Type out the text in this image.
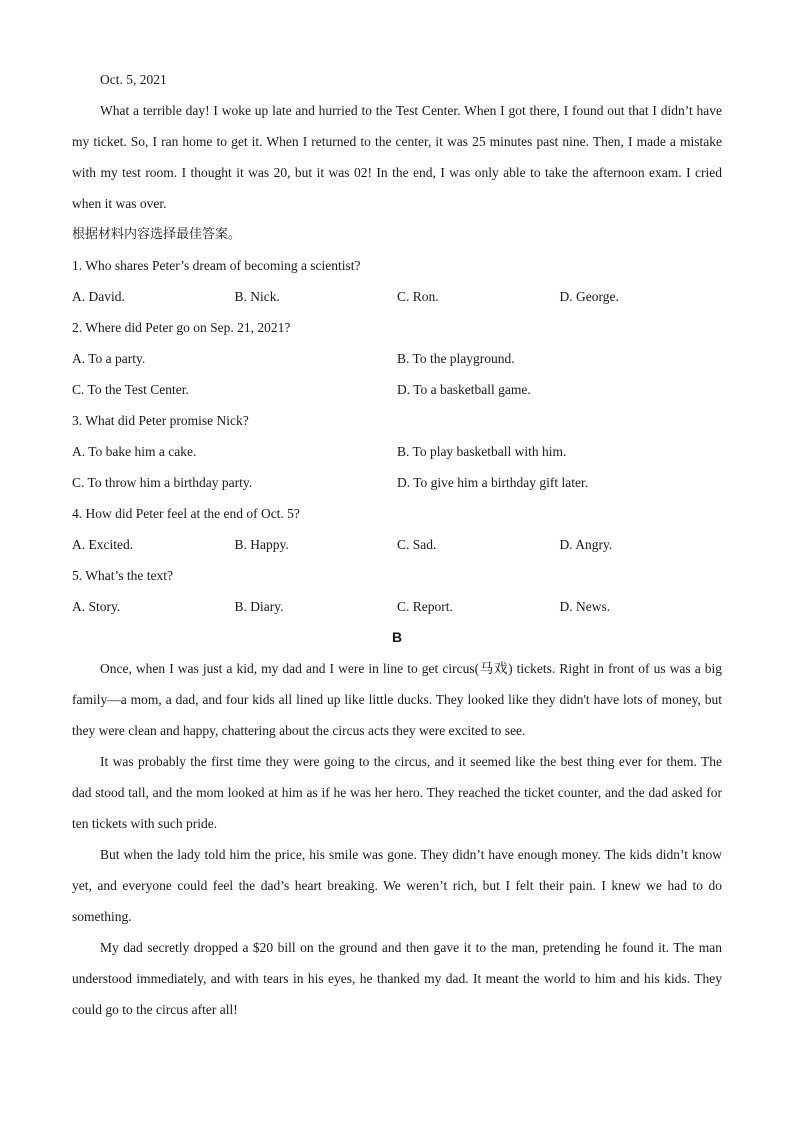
Oct. 5, 2021

What a terrible day! I woke up late and hurried to the Test Center. When I got there, I found out that I didn’t have my ticket. So, I ran home to get it. When I returned to the center, it was 25 minutes past nine. Then, I made a mistake with my test room. I thought it was 20, but it was 02! In the end, I was only able to take the afternoon exam. I cried when it was over.

根据材料内容选择最佳答案。

1. Who shares Peter’s dream of becoming a scientist?

A. David.	B. Nick.	C. Ron.	D. George.

2. Where did Peter go on Sep. 21, 2021?

A. To a party.	B. To the playground.
C. To the Test Center.	D. To a basketball game.

3. What did Peter promise Nick?

A. To bake him a cake.	B. To play basketball with him.
C. To throw him a birthday party.	D. To give him a birthday gift later.

4. How did Peter feel at the end of Oct. 5?

A. Excited.	B. Happy.	C. Sad.	D. Angry.

5. What’s the text?

A. Story.	B. Diary.	C. Report.	D. News.
B

Once, when I was just a kid, my dad and I were in line to get circus(马戏) tickets. Right in front of us was a big family—a mom, a dad, and four kids all lined up like little ducks. They looked like they didn't have lots of money, but they were clean and happy, chattering about the circus acts they were excited to see.

It was probably the first time they were going to the circus, and it seemed like the best thing ever for them. The dad stood tall, and the mom looked at him as if he was her hero. They reached the ticket counter, and the dad asked for ten tickets with such pride.

But when the lady told him the price, his smile was gone. They didn’t have enough money. The kids didn’t know yet, and everyone could feel the dad’s heart breaking. We weren’t rich, but I felt their pain. I knew we had to do something.

My dad secretly dropped a $20 bill on the ground and then gave it to the man, pretending he found it. The man understood immediately, and with tears in his eyes, he thanked my dad. It meant the world to him and his kids. They could go to the circus after all!
